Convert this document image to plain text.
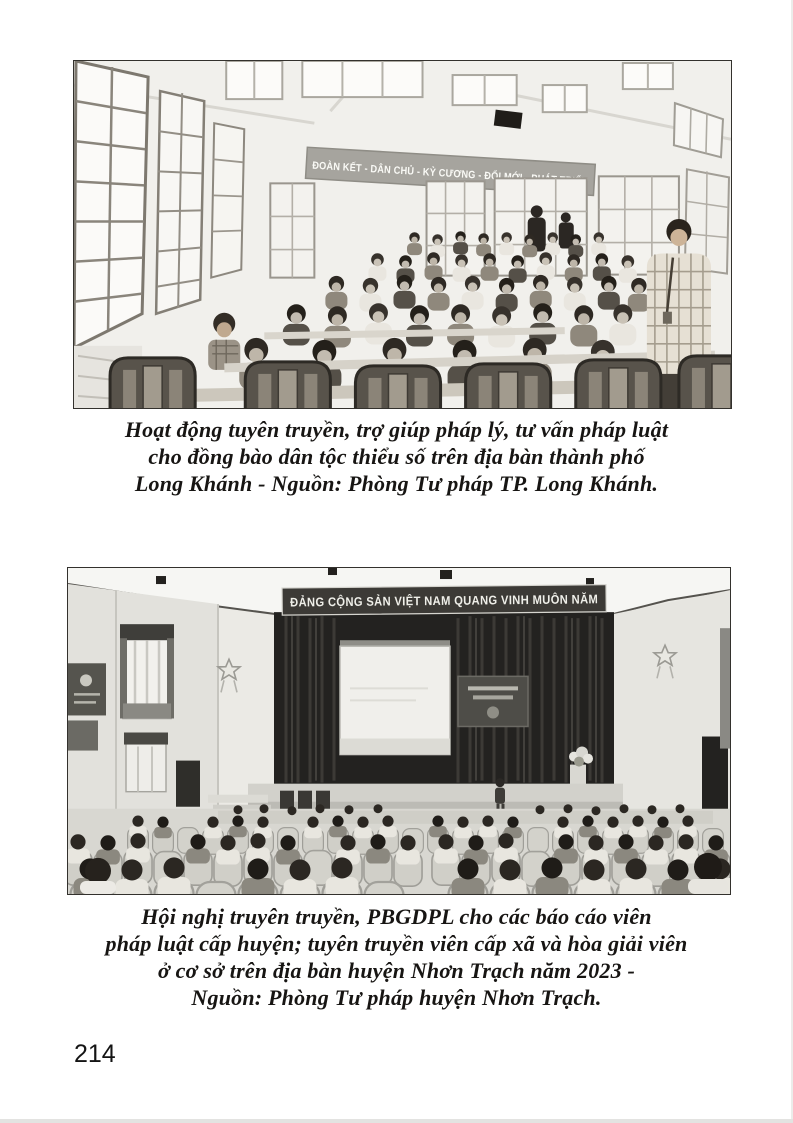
ĐOÀN KẾT - DÂN CHỦ - KỶ CƯƠNG - ĐỔI MỚI - PHÁT TRIỂN
Hoạt động tuyên truyền, trợ giúp pháp lý, tư vấn pháp luật
cho đồng bào dân tộc thiểu số trên địa bàn thành phố
Long Khánh - Nguồn: Phòng Tư pháp TP. Long Khánh.
ĐẢNG CỘNG SẢN VIỆT NAM QUANG VINH MUÔN NĂM
Hội nghị truyên truyền, PBGDPL cho các báo cáo viên
pháp luật cấp huyện; tuyên truyền viên cấp xã và hòa giải viên
ở cơ sở trên địa bàn huyện Nhơn Trạch năm 2023 -
Nguồn: Phòng Tư pháp huyện Nhơn Trạch.
214
